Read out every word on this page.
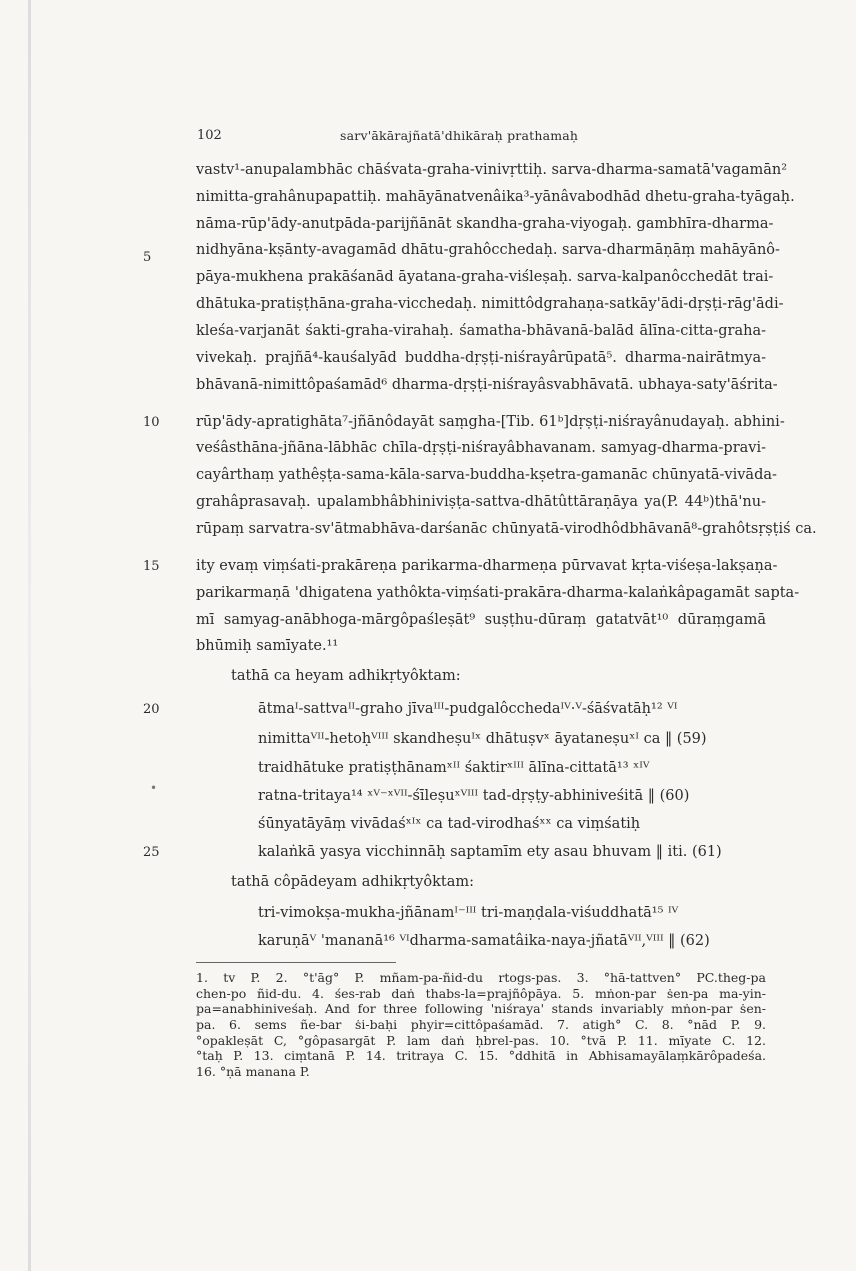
102	sarv'ākārajñatā'dhikāraḥ prathamaḥ
5
10
15
20
25
vastv¹-anupalambhāc chāśvata-graha-vinivṛttiḥ. sarva-dharma-samatā'vagamān²
nimitta-grahânupapattiḥ. mahāyānatvenâika³-yānâvabodhād dhetu-graha-tyāgaḥ.
nāma-rūp'ādy-anutpāda-parijñānāt skandha-graha-viyogaḥ. gambhīra-dharma-
nidhyāna-kṣānty-avagamād dhātu-grahôcchedaḥ. sarva-dharmāṇāṃ mahāyānô-
pāya-mukhena prakāśanād āyatana-graha-viśleṣaḥ. sarva-kalpanôcchedāt trai-
dhātuka-pratiṣṭhāna-graha-vicchedaḥ. nimittôdgrahaṇa-satkāy'ādi-dṛṣṭi-rāg'ādi-
kleśa-varjanāt śakti-graha-virahaḥ. śamatha-bhāvanā-balād ālīna-citta-graha-
vivekaḥ. prajñā⁴-kauśalyād buddha-dṛṣṭi-niśrayârūpatā⁵. dharma-nairātmya-
bhāvanā-nimittôpaśamād⁶ dharma-dṛṣṭi-niśrayâsvabhāvatā. ubhaya-saty'āśrita-
rūp'ādy-apratighāta⁷-jñānôdayāt saṃgha-[Tib. 61ᵇ]dṛṣṭi-niśrayânudayaḥ. abhini-
veśâsthāna-jñāna-lābhāc chīla-dṛṣṭi-niśrayâbhavanam. samyag-dharma-pravi-
cayârthaṃ yathêṣṭa-sama-kāla-sarva-buddha-kṣetra-gamanāc chūnyatā-vivāda-
grahâprasavaḥ. upalambhâbhiniviṣṭa-sattva-dhātûttāraṇāya ya(P. 44ᵇ)thā'nu-
rūpaṃ sarvatra-sv'ātmabhāva-darśanāc chūnyatā-virodhôdbhāvanā⁸-grahôtsṛṣṭiś ca.
ity evaṃ viṃśati-prakāreṇa parikarma-dharmeṇa pūrvavat kṛta-viśeṣa-lakṣaṇa-
parikarmaṇā 'dhigatena yathôkta-viṃśati-prakāra-dharma-kalaṅkâpagamāt sapta-
mī samyag-anābhoga-mārgôpaśleṣāt⁹ suṣṭhu-dūraṃ gatatvāt¹⁰ dūraṃgamā
bhūmiḥ samīyate.¹¹
tathā ca heyam adhikṛtyôktam:
ātmaᴵ-sattvaᴵᴵ-graho jīvaᴵᴵᴵ-pudgalôcchedaᴵⱽ·ⱽ-śāśvatāḥ¹² ⱽᴵ
nimittaⱽᴵᴵ-hetoḥⱽᴵᴵᴵ skandheṣuᴵˣ dhātuṣvˣ āyataneṣuˣᴵ ca ‖ (59)
traidhātuke pratiṣṭhānamˣᴵᴵ śaktirˣᴵᴵᴵ ālīna-cittatā¹³ ˣᴵⱽ
ratna-tritaya¹⁴ ˣⱽ⁻ˣⱽᴵᴵ-śīleṣuˣⱽᴵᴵᴵ tad-dṛṣṭy-abhiniveśitā ‖ (60)
śūnyatāyāṃ vivādaśˣᴵˣ ca tad-virodhaśˣˣ ca viṃśatiḥ
kalaṅkā yasya vicchinnāḥ saptamīm ety asau bhuvam ‖ iti. (61)
tathā côpādeyam adhikṛtyôktam:
tri-vimokṣa-mukha-jñānamᴵ⁻ᴵᴵᴵ tri-maṇḍala-viśuddhatā¹⁵ ᴵⱽ
karuṇāⱽ 'mananā¹⁶ ⱽᴵdharma-samatâika-naya-jñatāⱽᴵᴵ,ⱽᴵᴵᴵ ‖ (62)
•
1. tv P. 2. °t'āg° P. mñam-pa-ñid-du rtogs-pas. 3. °hā-tattven° PC.theg-pa
chen-po ñid-du. 4. śes-rab daṅ thabs-la=prajñôpāya. 5. mṅon-par ṡen-pa ma-yin-
pa=anabhiniveśaḥ. And for three following 'niśraya' stands invariably mṅon-par ṡen-
pa. 6. sems ñe-bar ṡi-baḥi phyir=cittôpaśamād. 7. atigh° C. 8. °nād P. 9.
°opakleṣāt C, °gôpasargāt P. lam daṅ ḥbrel-pas. 10. °tvā P. 11. mīyate C. 12.
°taḥ P. 13. ciṃtanā P. 14. tritraya C. 15. °ddhitā in Abhisamayālaṃkārôpadeśa.
16. °ṇā manana P.
